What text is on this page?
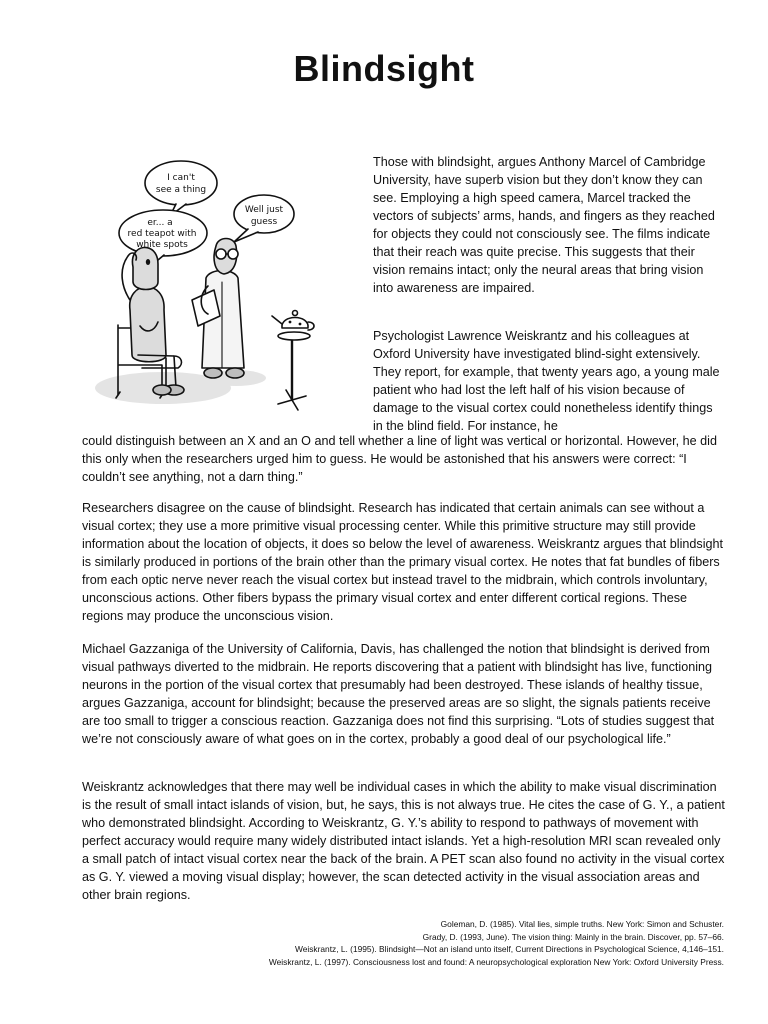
Blindsight
I can't
see a thing
er... a
red teapot with
white spots
Well just
guess

Those with blindsight, argues Anthony Marcel of Cambridge University, have superb vision but they don’t know they can see. Employing a high speed camera, Marcel tracked the vectors of subjects’ arms, hands, and fingers as they reached for objects they could not consciously see. The films indicate that their reach was quite precise. This suggests that their vision remains intact; only the neural areas that bring vision into awareness are impaired.

Psychologist Lawrence Weiskrantz and his colleagues at Oxford University have investigated blind-sight extensively. They report, for example, that twenty years ago, a young male patient who had lost the left half of his vision because of damage to the visual cortex could nonetheless identify things in the blind field. For instance, he

could distinguish between an X and an O and tell whether a line of light was vertical or horizontal. However, he did this only when the researchers urged him to guess. He would be astonished that his answers were correct: “I couldn’t see anything, not a darn thing.”

Researchers disagree on the cause of blindsight. Research has indicated that certain animals can see without a visual cortex; they use a more primitive visual processing center. While this primitive structure may still provide information about the location of objects, it does so below the level of awareness. Weiskrantz argues that blindsight is similarly produced in portions of the brain other than the primary visual cortex. He notes that fat bundles of fibers from each optic nerve never reach the visual cortex but instead travel to the midbrain, which controls involuntary, unconscious actions. Other fibers bypass the primary visual cortex and enter different cortical regions. These regions may produce the unconscious vision.

Michael Gazzaniga of the University of California, Davis, has challenged the notion that blindsight is derived from visual pathways diverted to the midbrain. He reports discovering that a patient with blindsight has live, functioning neurons in the portion of the visual cortex that presumably had been destroyed. These islands of healthy tissue, argues Gazzaniga, account for blindsight; because the preserved areas are so slight, the signals patients receive are too small to trigger a conscious reaction. Gazzaniga does not find this surprising. “Lots of studies suggest that we’re not consciously aware of what goes on in the cortex, probably a good deal of our psychological life.”

Weiskrantz acknowledges that there may well be individual cases in which the ability to make visual discrimination is the result of small intact islands of vision, but, he says, this is not always true. He cites the case of G. Y., a patient who demonstrated blindsight. According to Weiskrantz, G. Y.’s ability to respond to pathways of movement with perfect accuracy would require many widely distributed intact islands. Yet a high-resolution MRI scan revealed only a small patch of intact visual cortex near the back of the brain. A PET scan also found no activity in the visual cortex as G. Y. viewed a moving visual display; however, the scan detected activity in the visual association areas and other brain regions.

Goleman, D. (1985). Vital lies, simple truths. New York: Simon and Schuster.
Grady, D. (1993, June). The vision thing: Mainly in the brain. Discover, pp. 57–66.
Weiskrantz, L. (1995). Blindsight—Not an island unto itself, Current Directions in Psychological Science, 4,146–151.
Weiskrantz, L. (1997). Consciousness lost and found: A neuropsychological exploration New York: Oxford University Press.
